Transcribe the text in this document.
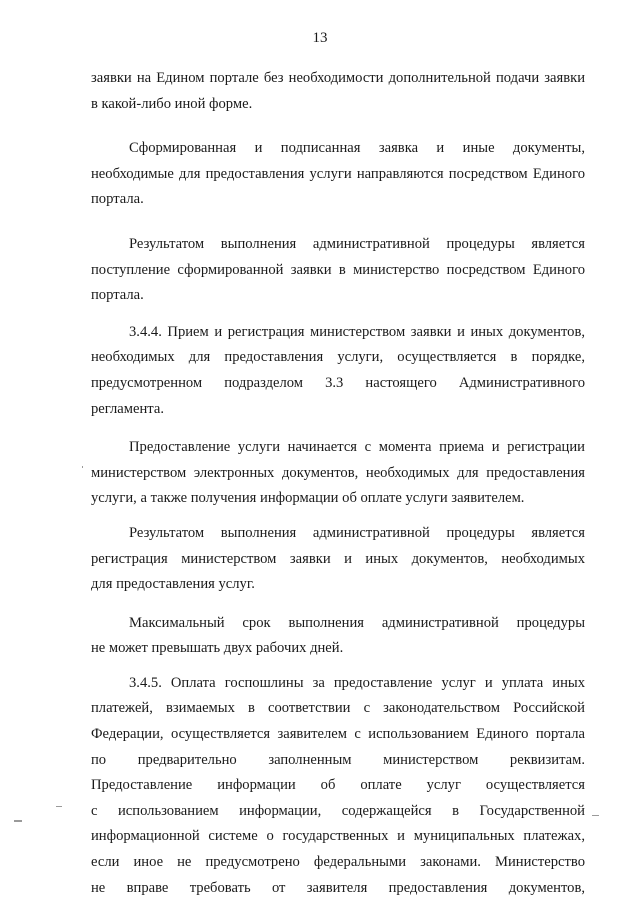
13
заявки на Едином портале без необходимости дополнительной подачи заявки
в какой-либо иной форме.
Сформированная и подписанная заявка и иные документы,
необходимые для предоставления услуги направляются посредством Единого
портала.
Результатом выполнения административной процедуры является
поступление сформированной заявки в министерство посредством Единого
портала.
3.4.4. Прием и регистрация министерством заявки и иных документов,
необходимых для предоставления услуги, осуществляется в порядке,
предусмотренном подразделом 3.3 настоящего Административного
регламента.
Предоставление услуги начинается с момента приема и регистрации
министерством электронных документов, необходимых для предоставления
услуги, а также получения информации об оплате услуги заявителем.
Результатом выполнения административной процедуры является
регистрация министерством заявки и иных документов, необходимых
для предоставления услуг.
Максимальный срок выполнения административной процедуры
не может превышать двух рабочих дней.
3.4.5. Оплата госпошлины за предоставление услуг и уплата иных
платежей, взимаемых в соответствии с законодательством Российской
Федерации, осуществляется заявителем с использованием Единого портала
по предварительно заполненным министерством реквизитам.
Предоставление информации об оплате услуг осуществляется
с использованием информации, содержащейся в Государственной
информационной системе о государственных и муниципальных платежах,
если иное не предусмотрено федеральными законами. Министерство
не вправе требовать от заявителя предоставления документов,
